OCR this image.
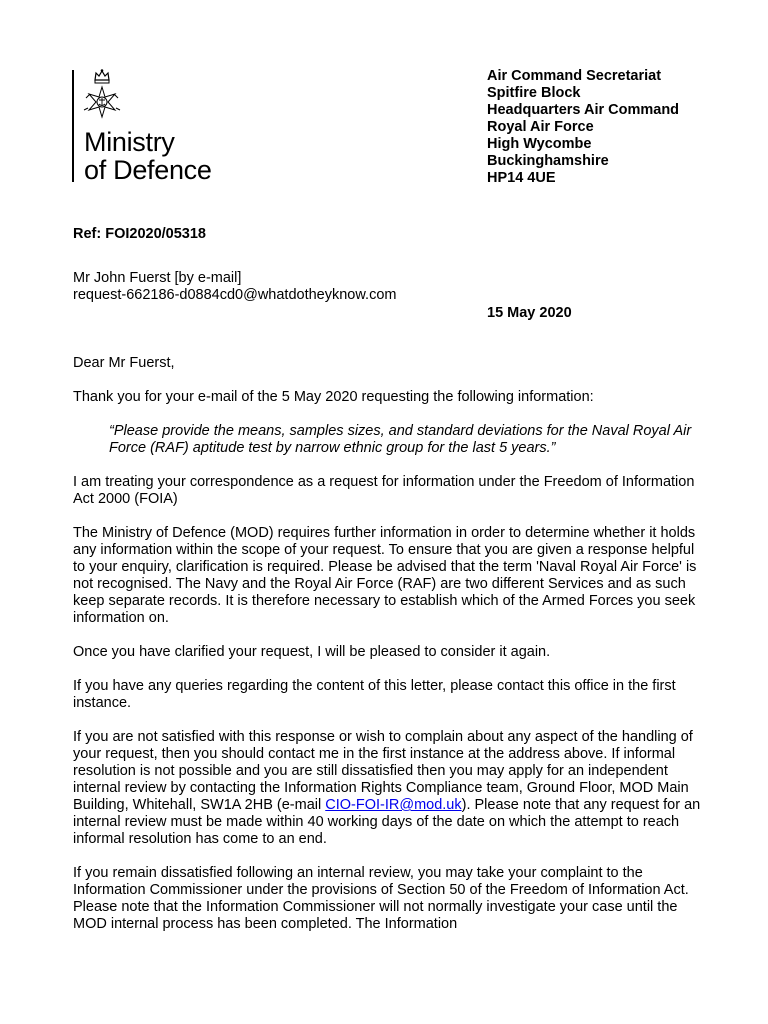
Ministry
of Defence
Air Command Secretariat
Spitfire Block
Headquarters Air Command
Royal Air Force
High Wycombe
Buckinghamshire
HP14 4UE
Ref: FOI2020/05318
Mr John Fuerst [by e-mail]
request-662186-d0884cd0@whatdotheyknow.com
15 May 2020

Dear Mr Fuerst,

Thank you for your e-mail of the 5 May 2020 requesting the following information:

“Please provide the means, samples sizes, and standard deviations for the Naval Royal Air Force (RAF) aptitude test by narrow ethnic group for the last 5 years.”

I am treating your correspondence as a request for information under the Freedom of Information Act 2000 (FOIA)

The Ministry of Defence (MOD) requires further information in order to determine whether it holds any information within the scope of your request. To ensure that you are given a response helpful to your enquiry, clarification is required. Please be advised that the term 'Naval Royal Air Force' is not recognised. The Navy and the Royal Air Force (RAF) are two different Services and as such keep separate records. It is therefore necessary to establish which of the Armed Forces you seek information on.

Once you have clarified your request, I will be pleased to consider it again.

If you have any queries regarding the content of this letter, please contact this office in the first instance.

If you are not satisfied with this response or wish to complain about any aspect of the handling of your request, then you should contact me in the first instance at the address above. If informal resolution is not possible and you are still dissatisfied then you may apply for an independent internal review by contacting the Information Rights Compliance team, Ground Floor, MOD Main Building, Whitehall, SW1A 2HB (e-mail CIO-FOI-IR@mod.uk). Please note that any request for an internal review must be made within 40 working days of the date on which the attempt to reach informal resolution has come to an end.

If you remain dissatisfied following an internal review, you may take your complaint to the Information Commissioner under the provisions of Section 50 of the Freedom of Information Act. Please note that the Information Commissioner will not normally investigate your case until the MOD internal process has been completed. The Information
